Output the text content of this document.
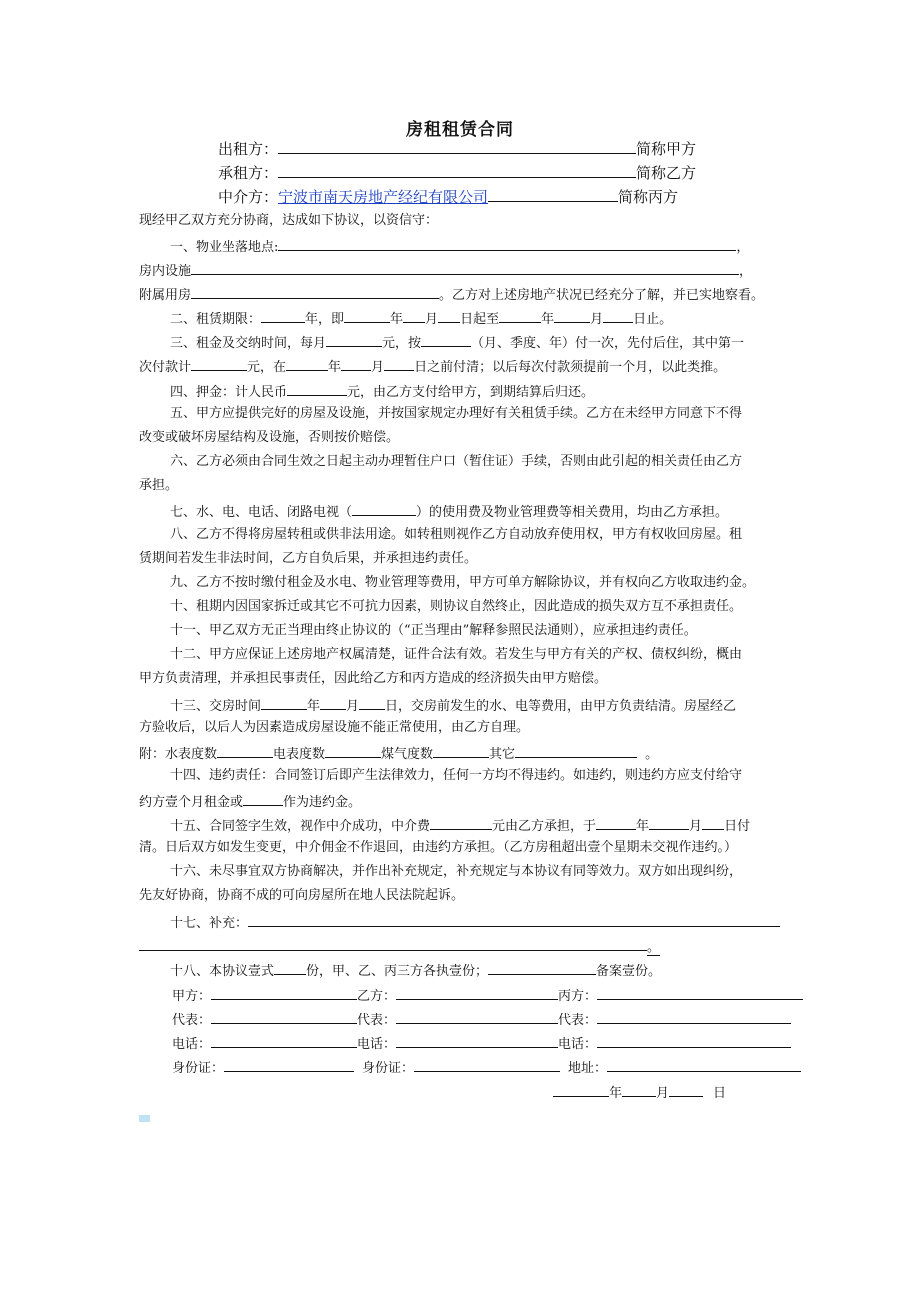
房租租赁合同
出租方：	简称甲方
承租方：	简称乙方
中介方：宁波市南天房地产经纪有限公司	简称丙方
现经甲乙双方充分协商，达成如下协议，以资信守：
一、物业坐落地点:	，
房内设施	，
附属用房	。乙方对上述房地产状况已经充分了解，并已实地察看。
二、租赁期限：	年，即	年 月 日起至	年	月 日止。
三、租金及交纳时间，每月	元，按	（月、季度、年）付一次，先付后住，其中第一
次付款计	元，在	年 月 日之前付清；以后每次付款须提前一个月，以此类推。
四、押金：计人民币	元，由乙方支付给甲方，到期结算后归还。
五、甲方应提供完好的房屋及设施，并按国家规定办理好有关租赁手续。乙方在未经甲方同意下不得
改变或破坏房屋结构及设施，否则按价赔偿。
六、乙方必须由合同生效之日起主动办理暂住户口（暂住证）手续，否则由此引起的相关责任由乙方
承担。
七、水、电、电话、闭路电视（	）的使用费及物业管理费等相关费用，均由乙方承担。
八、乙方不得将房屋转租或供非法用途。如转租则视作乙方自动放弃使用权，甲方有权收回房屋。租
赁期间若发生非法时间，乙方自负后果，并承担违约责任。
九、乙方不按时缴付租金及水电、物业管理等费用，甲方可单方解除协议，并有权向乙方收取违约金。
十、租期内因国家拆迁或其它不可抗力因素，则协议自然终止，因此造成的损失双方互不承担责任。
十一、甲乙双方无正当理由终止协议的（“正当理由”解释参照民法通则），应承担违约责任。
十二、甲方应保证上述房地产权属清楚，证件合法有效。若发生与甲方有关的产权、债权纠纷，概由
甲方负责清理，并承担民事责任，因此给乙方和丙方造成的经济损失由甲方赔偿。
十三、交房时间	年 月 日，交房前发生的水、电等费用，由甲方负责结清。房屋经乙
方验收后，以后人为因素造成房屋设施不能正常使用，由乙方自理。
附：水表度数	电表度数	煤气度数	其它	。
十四、违约责任：合同签订后即产生法律效力，任何一方均不得违约。如违约，则违约方应支付给守
约方壹个月租金或	作为违约金。
十五、合同签字生效，视作中介成功，中介费	元由乙方承担，于	年	月 日付
清。日后双方如发生变更，中介佣金不作退回，由违约方承担。（乙方房租超出壹个星期未交视作违约。）
十六、未尽事宜双方协商解决，并作出补充规定，补充规定与本协议有同等效力。双方如出现纠纷，
先友好协商，协商不成的可向房屋所在地人民法院起诉。
十七、补充：
。
十八、本协议壹式 份，甲、乙、丙三方各执壹份；	备案壹份。
甲方：	乙方：	丙方：
代表：	代表：	代表：
电话：	电话：	电话：
身份证：	身份证：	地址：
年	月	日
